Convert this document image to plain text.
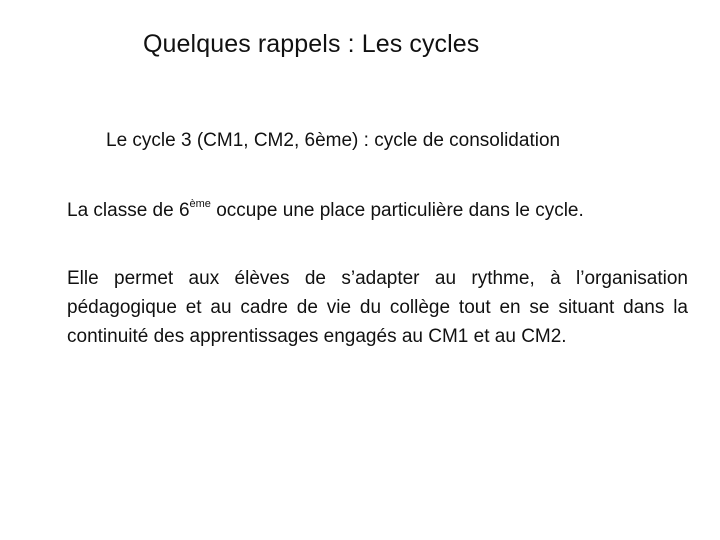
Quelques rappels : Les cycles
Le cycle 3 (CM1, CM2, 6ème) : cycle de consolidation
La classe de 6ème occupe une place particulière dans le cycle.

Elle permet aux élèves de s’adapter au rythme, à l’organisation pédagogique et au cadre de vie du collège tout en se situant dans la continuité des apprentissages engagés au CM1 et au CM2.
